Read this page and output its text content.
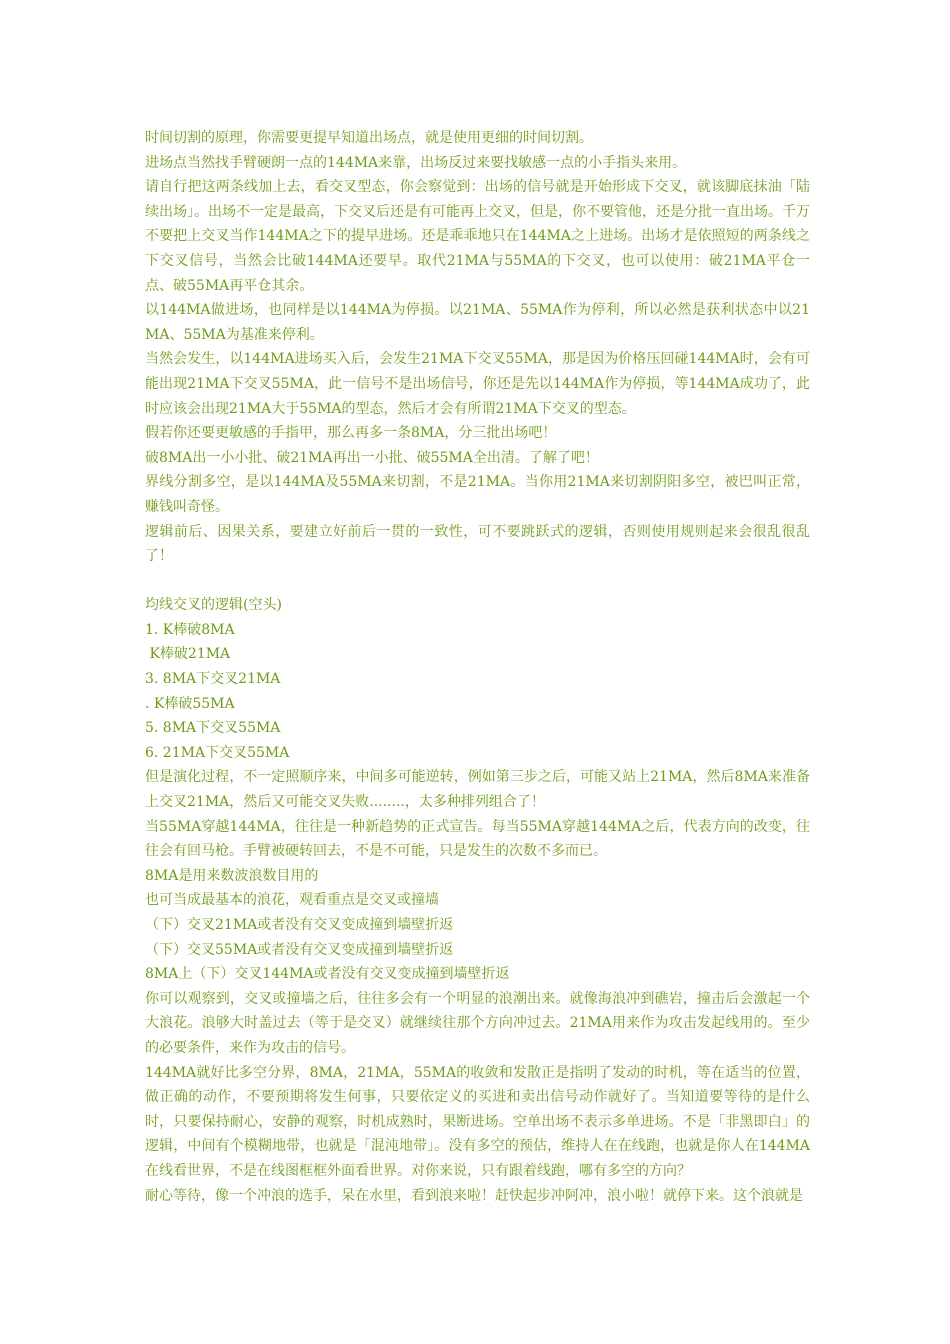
时间切割的原理，你需要更提早知道出场点，就是使用更细的时间切割。

进场点当然找手臂硬朗一点的144MA来靠，出场反过来要找敏感一点的小手指头来用。

请自行把这两条线加上去，看交叉型态，你会察觉到：出场的信号就是开始形成下交叉，就该脚底抹油「陆续出场」。出场不一定是最高，下交叉后还是有可能再上交叉，但是，你不要管他，还是分批一直出场。千万不要把上交叉当作144MA之下的提早进场。还是乖乖地只在144MA之上进场。出场才是依照短的两条线之下交叉信号，当然会比破144MA还要早。取代21MA与55MA的下交叉，也可以使用：破21MA平仓一点、破55MA再平仓其余。

以144MA做进场，也同样是以144MA为停损。以21MA、55MA作为停利，所以必然是获利状态中以21MA、55MA为基准来停利。

当然会发生，以144MA进场买入后，会发生21MA下交叉55MA，那是因为价格压回碰144MA时，会有可能出现21MA下交叉55MA，此一信号不是出场信号，你还是先以144MA作为停损，等144MA成功了，此时应该会出现21MA大于55MA的型态，然后才会有所谓21MA下交叉的型态。

假若你还要更敏感的手指甲，那么再多一条8MA，分三批出场吧！

破8MA出一小小批、破21MA再出一小批、破55MA全出清。了解了吧！

界线分割多空，是以144MA及55MA来切割，不是21MA。当你用21MA来切割阴阳多空，被巴叫正常，赚钱叫奇怪。

逻辑前后、因果关系，要建立好前后一贯的一致性，可不要跳跃式的逻辑，否则使用规则起来会很乱很乱了！

均线交叉的逻辑(空头)

1. K棒破8MA

K棒破21MA

3. 8MA下交叉21MA

. K棒破55MA

5. 8MA下交叉55MA

6. 21MA下交叉55MA

但是演化过程，不一定照顺序来，中间多可能逆转，例如第三步之后，可能又站上21MA，然后8MA来准备上交叉21MA，然后又可能交叉失败........，太多种排列组合了！

当55MA穿越144MA，往往是一种新趋势的正式宣告。每当55MA穿越144MA之后，代表方向的改变，往往会有回马枪。手臂被硬转回去，不是不可能，只是发生的次数不多而已。

8MA是用来数波浪数目用的

也可当成最基本的浪花，观看重点是交叉或撞墙

（下）交叉21MA或者没有交叉变成撞到墙壁折返

（下）交叉55MA或者没有交叉变成撞到墙壁折返

8MA上（下）交叉144MA或者没有交叉变成撞到墙壁折返

你可以观察到，交叉或撞墙之后，往往多会有一个明显的浪潮出来。就像海浪冲到礁岩，撞击后会激起一个大浪花。浪够大时盖过去（等于是交叉）就继续往那个方向冲过去。21MA用来作为攻击发起线用的。至少的必要条件，来作为攻击的信号。

144MA就好比多空分界，8MA，21MA，55MA的收敛和发散正是指明了发动的时机，等在适当的位置，做正确的动作，不要预期将发生何事，只要依定义的买进和卖出信号动作就好了。当知道要等待的是什么时，只要保持耐心，安静的观察，时机成熟时，果断进场。空单出场不表示多单进场。不是「非黑即白」的逻辑，中间有个模糊地带，也就是「混沌地带」。没有多空的预估，维持人在在线跑，也就是你人在144MA在线看世界，不是在线图框框外面看世界。对你来说，只有跟着线跑，哪有多空的方向？

耐心等待，像一个冲浪的选手，呆在水里，看到浪来啦！赶快起步冲阿冲，浪小啦！就停下来。这个浪就是
